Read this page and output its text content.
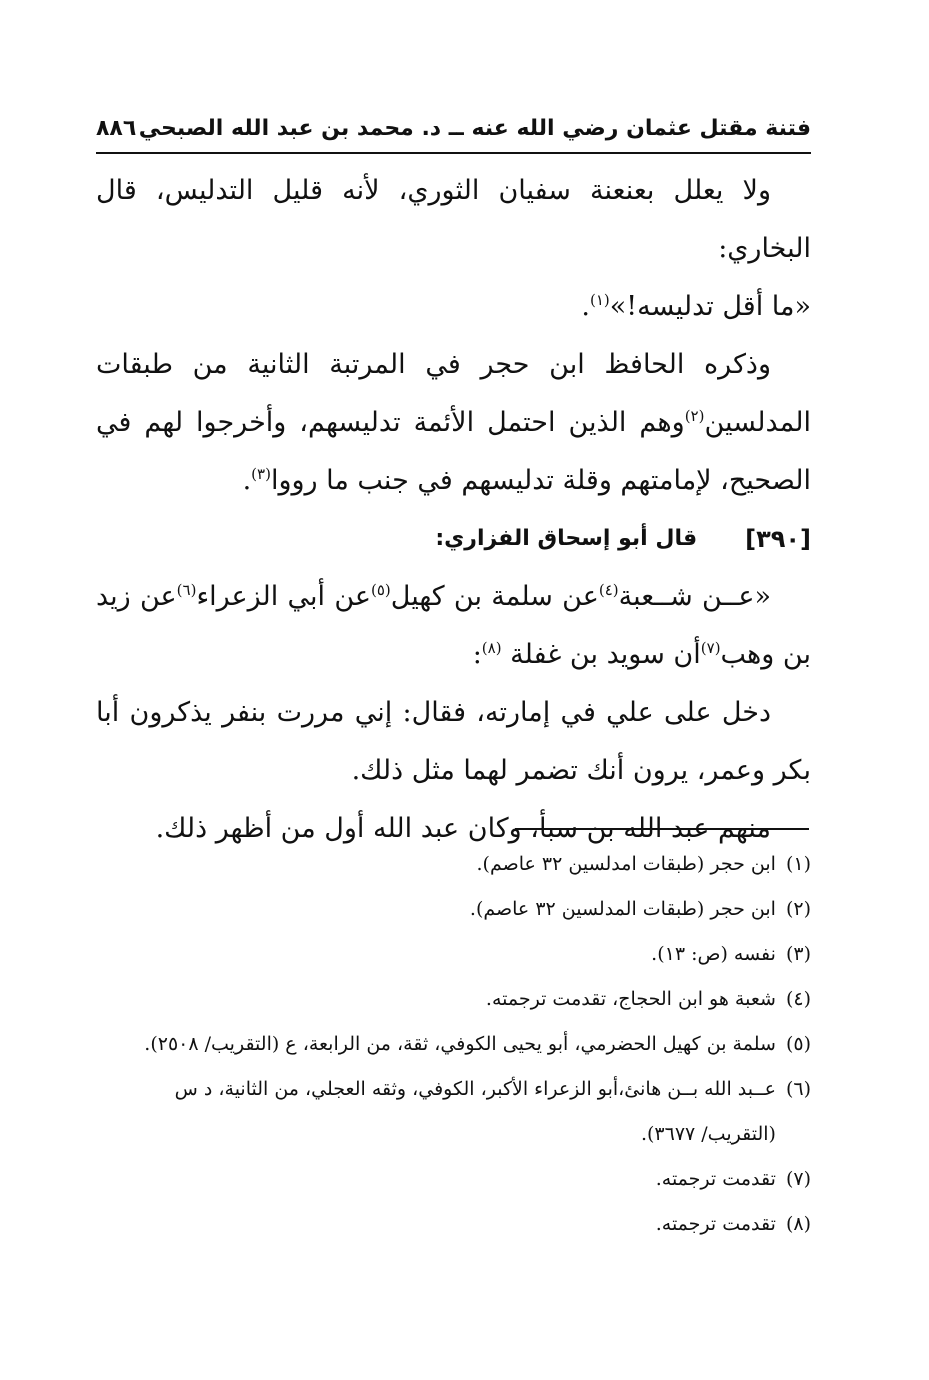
فتنة مقتل عثمان رضي الله عنه ــ د. محمد بن عبد الله الصبحي
٨٨٦

ولا يعلل بعنعنة سفيان الثوري، لأنه قليل التدليس، قال البخاري:

«ما أقل تدليسه!»$^{(١)}$.

وذكره الحافظ ابن حجر في المرتبة الثانية من طبقات المدلسين$^{(٢)}$وهم الذين احتمل الأئمة تدليسهم، وأخرجوا لهم في الصحيح، لإمامتهم وقلة تدليسهم في جنب ما رووا$^{(٣)}$.

[٣٩٠]
قال أبو إسحاق الفزاري:

«عــن شــعبة$^{(٤)}$عن سلمة بن كهيل$^{(٥)}$عن أبي الزعراء$^{(٦)}$عن زيد بن وهب$^{(٧)}$أن سويد بن غفلة $^{(٨)}$:

دخل على علي في إمارته، فقال: إني مررت بنفر يذكرون أبا بكر وعمر، يرون أنك تضمر لهما مثل ذلك.

منهم عبد الله بن سبأ، وكان عبد الله أول من أظهر ذلك.

(١)
ابن حجر (طبقات امدلسين ٣٢ عاصم).
(٢)
ابن حجر (طبقات المدلسين ٣٢ عاصم).
(٣)
نفسه (ص: ١٣).
(٤)
شعبة هو ابن الحجاج، تقدمت ترجمته.
(٥)
سلمة بن كهيل الحضرمي، أبو يحيى الكوفي، ثقة، من الرابعة، ع (التقريب/ ٢٥٠٨).
(٦)
عــبد الله بــن هانئ،أبو الزعراء الأكبر، الكوفي، وثقه العجلي، من الثانية، د س (التقريب/ ٣٦٧٧).
(٧)
تقدمت ترجمته.
(٨)
تقدمت ترجمته.
